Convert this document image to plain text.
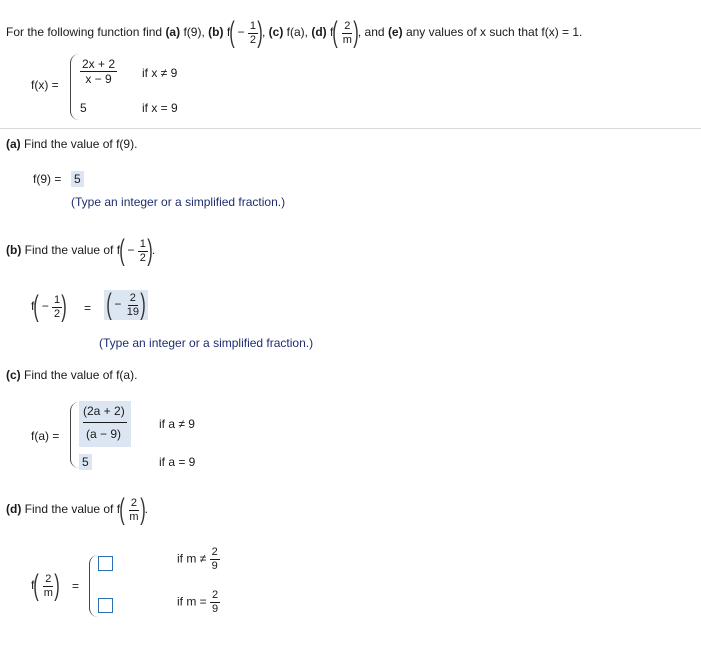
For the following function find (a) f(9), (b) $f( - \frac{1}{2}$ ), (c) f(a), (d) $f( \frac{2}{m}$ ), and (e) any values of x such that f(x) = 1.
$f(x) = \frac{2x + 2}{x - 9}$ if x ≠ 9
5	if x = 9
(a) Find the value of f(9).
f(9) = 5
(Type an integer or a simplified fraction.)
(b) Find the value of $f( - \frac{1}{2}$ ).
$f( - \frac{1}{2}$ ) = ( − $\frac{2}{19}$ )
(Type an integer or a simplified fraction.)
(c) Find the value of f(a).
f(a) =
(2a + 2)
(a − 9)
if a ≠ 9
5	if a = 9
(d) Find the value of $f( \frac{2}{m}$ ).
$f( \frac{2}{m}$ ) =
if $m \ne \frac{2}{9}$
if $m = \frac{2}{9}$
